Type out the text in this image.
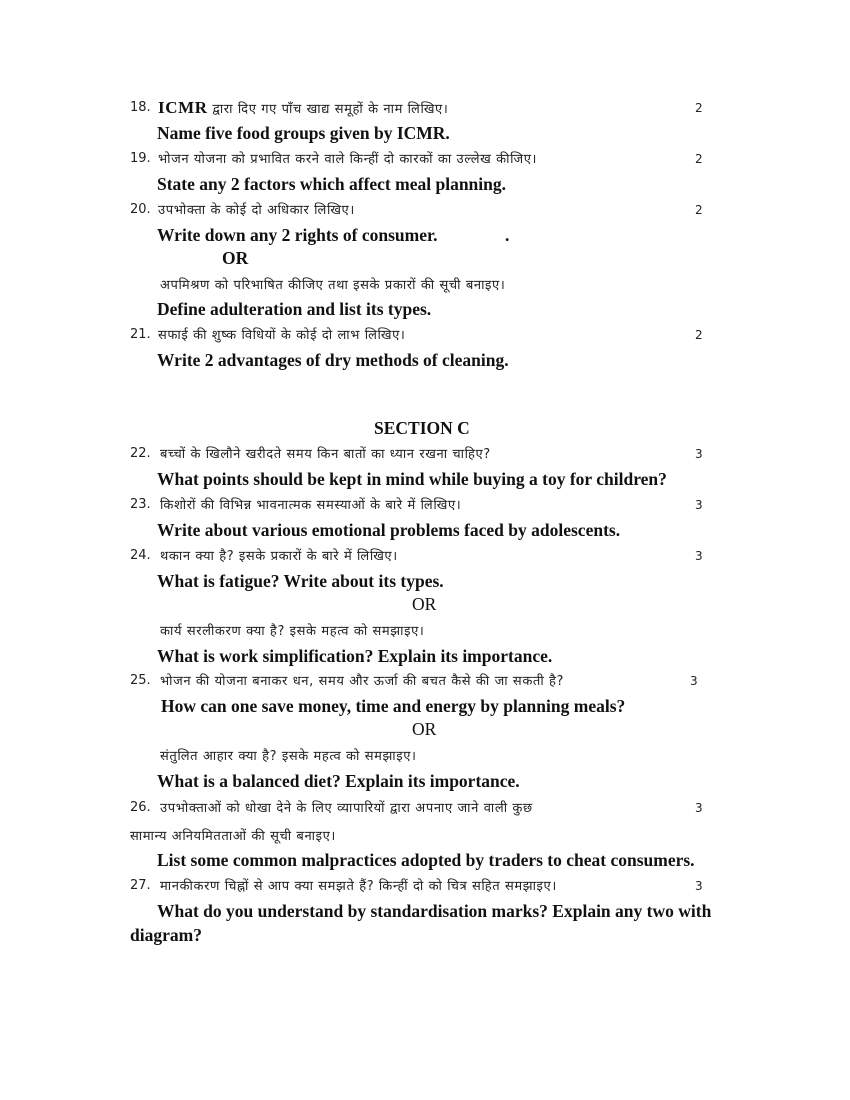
18. ICMR द्वारा दिए गए पाँच खाद्य समूहों के नाम लिखिए।	2
Name five food groups given by ICMR.
19. भोजन योजना को प्रभावित करने वाले किन्हीं दो कारकों का उल्लेख कीजिए।	2
State any 2 factors which affect meal planning.
20. उपभोक्ता के कोई दो अधिकार लिखिए।	2
Write down any 2 rights of consumer.	.
OR
अपमिश्रण को परिभाषित कीजिए तथा इसके प्रकारों की सूची बनाइए।
Define adulteration and list its types.
21. सफाई की शुष्क विधियों के कोई दो लाभ लिखिए।	2
Write 2 advantages of dry methods of cleaning.
SECTION C
22. बच्चों के खिलौने खरीदते समय किन बातों का ध्यान रखना चाहिए?	3
What points should be kept in mind while buying a toy for children?
23. किशोरों की विभिन्न भावनात्मक समस्याओं के बारे में लिखिए।	3
Write about various emotional problems faced by adolescents.
24. थकान क्या है? इसके प्रकारों के बारे में लिखिए।	3
What is fatigue? Write about its types.
OR
कार्य सरलीकरण क्या है? इसके महत्व को समझाइए।
What is work simplification? Explain its importance.
25. भोजन की योजना बनाकर धन, समय और ऊर्जा की बचत कैसे की जा सकती है?	3
How can one save money, time and energy by planning meals?
OR
संतुलित आहार क्या है? इसके महत्व को समझाइए।
What is a balanced diet? Explain its importance.
26. उपभोक्ताओं को धोखा देने के लिए व्यापारियों द्वारा अपनाए जाने वाली कुछ	3
सामान्य अनियमितताओं की सूची बनाइए।
List some common malpractices adopted by traders to cheat consumers.
27. मानकीकरण चिह्नों से आप क्या समझते हैं? किन्हीं दो को चित्र सहित समझाइए।	3
What do you understand by standardisation marks? Explain any two with
diagram?
